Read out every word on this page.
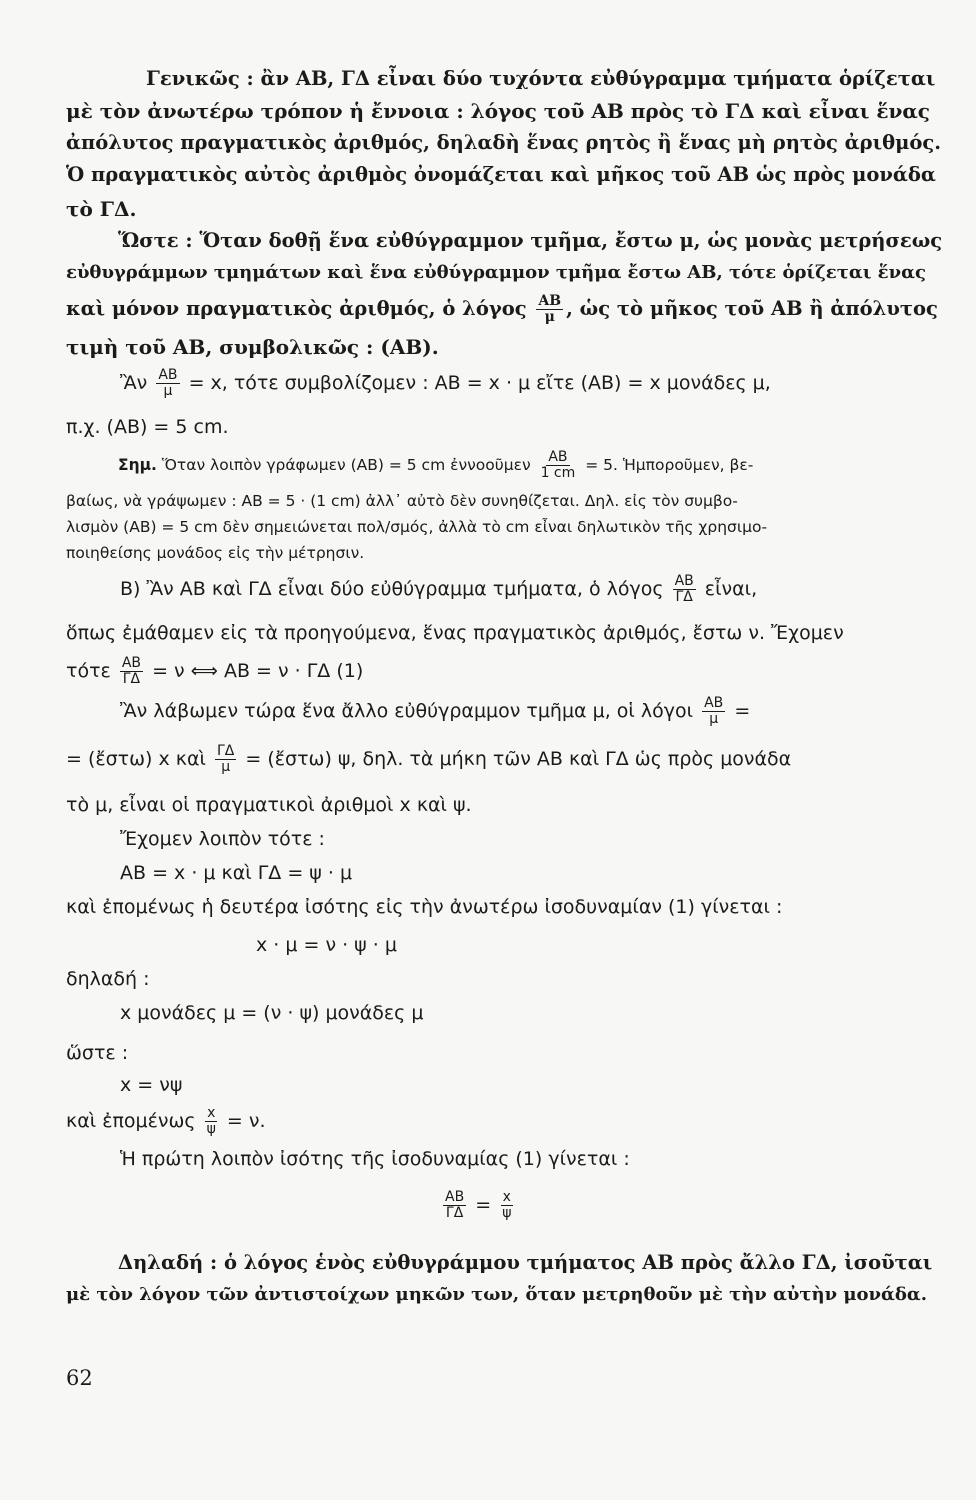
Γενικῶς : ἂν ΑΒ, ΓΔ εἶναι δύο τυχόντα εὐθύγραμμα τμήματα ὁρίζεται
μὲ τὸν ἀνωτέρω τρόπον ἡ ἔννοια : λόγος τοῦ ΑΒ πρὸς τὸ ΓΔ καὶ εἶναι ἕνας
ἀπόλυτος πραγματικὸς ἀριθμός, δηλαδὴ ἕνας ρητὸς ἢ ἕνας μὴ ρητὸς ἀριθμός.
Ὁ πραγματικὸς αὐτὸς ἀριθμὸς ὀνομάζεται καὶ μῆκος τοῦ ΑΒ ὡς πρὸς μονάδα
τὸ ΓΔ.
Ὥστε : Ὅταν δοθῇ ἕνα εὐθύγραμμον τμῆμα, ἔστω μ, ὡς μονὰς μετρήσεως
εὐθυγράμμων τμημάτων καὶ ἕνα εὐθύγραμμον τμῆμα ἔστω ΑΒ, τότε ὁρίζεται ἕνας
καὶ μόνον πραγματικὸς ἀριθμός, ὁ λόγος $\frac{AB}{\mu}$ , ὡς τὸ μῆκος τοῦ ΑΒ ἢ ἀπόλυτος
τιμὴ τοῦ ΑΒ, συμβολικῶς : (ΑΒ).
Ἂν $\frac{AB}{\mu} = x$, τότε συμβολίζομεν : ΑΒ = x · μ εἴτε (ΑΒ) = x μονάδες μ,
π.χ. (ΑΒ) = 5 cm.
Σημ. Ὅταν λοιπὸν γράφωμεν (ΑΒ) = 5 cm ἐννοοῦμεν $\frac{AB}{1 cm} = 5$. Ἡμποροῦμεν, βε-
βαίως, νὰ γράψωμεν : ΑΒ = 5 · (1 cm) ἀλλ᾽ αὐτὸ δὲν συνηθίζεται. Δηλ. εἰς τὸν συμβο-
λισμὸν (ΑΒ) = 5 cm δὲν σημειώνεται πολ/σμός, ἀλλὰ τὸ cm εἶναι δηλωτικὸν τῆς χρησιμο-
ποιηθείσης μονάδος εἰς τὴν μέτρησιν.
Β) Ἂν ΑΒ καὶ ΓΔ εἶναι δύο εὐθύγραμμα τμήματα, ὁ λόγος $\frac{AB}{\Gamma\Delta}$ εἶναι,
ὅπως ἐμάθαμεν εἰς τὰ προηγούμενα, ἕνας πραγματικὸς ἀριθμός, ἔστω ν. Ἔχομεν
τότε $\frac{AB}{\Gamma\Delta} = \nu$ ⟺ ΑΒ = ν · ΓΔ (1)
Ἂν λάβωμεν τώρα ἕνα ἄλλο εὐθύγραμμον τμῆμα μ, οἱ λόγοι $\frac{AB}{\mu}$ =
= (ἔστω) x καὶ $\frac{\Gamma\Delta}{\mu}$ = (ἔστω) ψ, δηλ. τὰ μήκη τῶν ΑΒ καὶ ΓΔ ὡς πρὸς μονάδα
τὸ μ, εἶναι οἱ πραγματικοὶ ἀριθμοὶ x καὶ ψ.
Ἔχομεν λοιπὸν τότε :
ΑΒ = x · μ καὶ ΓΔ = ψ · μ
καὶ ἐπομένως ἡ δευτέρα ἰσότης εἰς τὴν ἀνωτέρω ἰσοδυναμίαν (1) γίνεται :
x · μ = ν · ψ · μ
δηλαδή :
x μονάδες μ = (ν · ψ) μονάδες μ
ὥστε :
x = νψ
καὶ ἐπομένως $\frac{x}{\psi} = \nu$.
Ἡ πρώτη λοιπὸν ἰσότης τῆς ἰσοδυναμίας (1) γίνεται :
$\frac{AB}{\Gamma\Delta} = \frac{x}{\psi}$
Δηλαδή : ὁ λόγος ἑνὸς εὐθυγράμμου τμήματος ΑΒ πρὸς ἄλλο ΓΔ, ἰσοῦται
μὲ τὸν λόγον τῶν ἀντιστοίχων μηκῶν των, ὅταν μετρηθοῦν μὲ τὴν αὐτὴν μονάδα.
62
